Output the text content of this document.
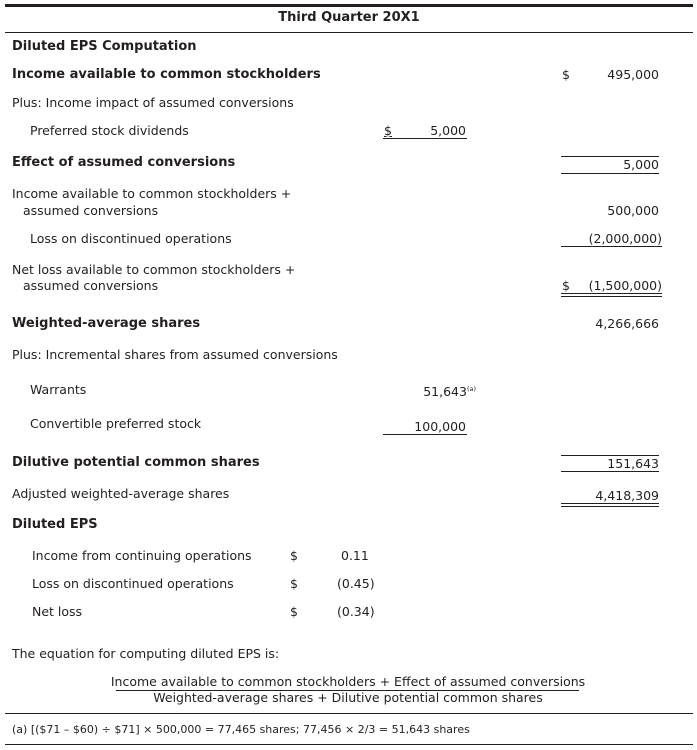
Third Quarter 20X1
Diluted EPS Computation
Income available to common stockholders	$	495,000
Plus: Income impact of assumed conversions
Preferred stock dividends	$	5,000
Effect of assumed conversions	5,000
Income available to common stockholders +
assumed conversions	500,000
Loss on discontinued operations	(2,000,000)
Net loss available to common stockholders +
assumed conversions	$	(1,500,000)
Weighted-average shares	4,266,666
Plus: Incremental shares from assumed conversions
Warrants	51,643$^{(a)}$
Convertible preferred stock	100,000
Dilutive potential common shares	151,643
Adjusted weighted-average shares	4,418,309
Diluted EPS
Income from continuing operations	$	0.11
Loss on discontinued operations	$	(0.45)
Net loss	$	(0.34)
The equation for computing diluted EPS is:
Income available to common stockholders + Effect of assumed conversions
Weighted-average shares + Dilutive potential common shares
(a) [($71 – $60) ÷ $71] × 500,000 = 77,465 shares; 77,456 × 2/3 = 51,643 shares
